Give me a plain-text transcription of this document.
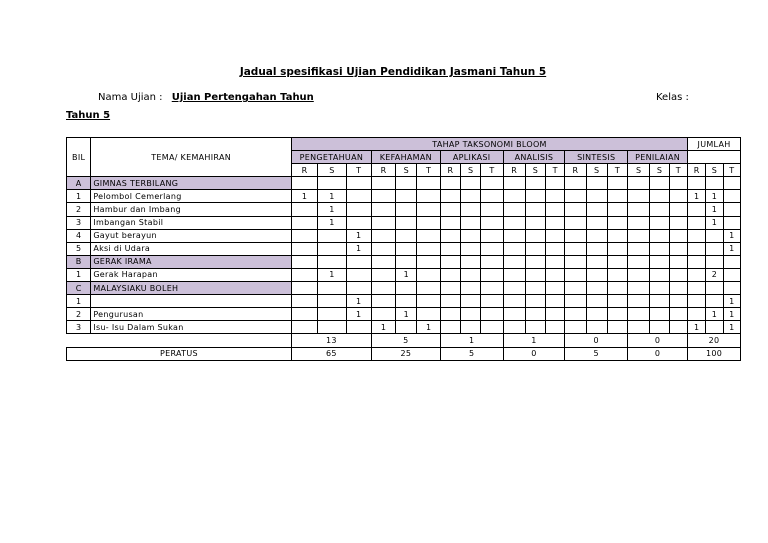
Jadual spesifikasi Ujian Pendidikan Jasmani Tahun 5
Nama Ujian : Ujian Pertengahan Tahun	Kelas :
Tahun 5
BIL	TEMA/ KEMAHIRAN	TAHAP TAKSONOMI BLOOM																		JUMLAH		
		PENGETAHUAN			KEFAHAMAN			APLIKASI			ANALISIS			SINTESIS			PENILAIAN					
		R	S	T	R	S	T	R	S	T	R	S	T	R	S	T	S	S	T	R	S	T
A	GIMNAS TERBILANG																					
1	Pelombol Cemerlang	1	1																	1	1	
2	Hambur dan Imbang		1																		1	
3	Imbangan Stabil		1																		1	
4	Gayut berayun			1																		1
5	Aksi di Udara			1																		1
B	GERAK IRAMA																					
1	Gerak Harapan		1			1															2	
C	MALAYSIAKU BOLEH																					
1				1																		1
2	Pengurusan			1		1															1	1
3	Isu- Isu Dalam Sukan				1		1													1		1
		13			5			1			1			0			0			20		
PERATUS		65			25			5			0			5			0			100		
